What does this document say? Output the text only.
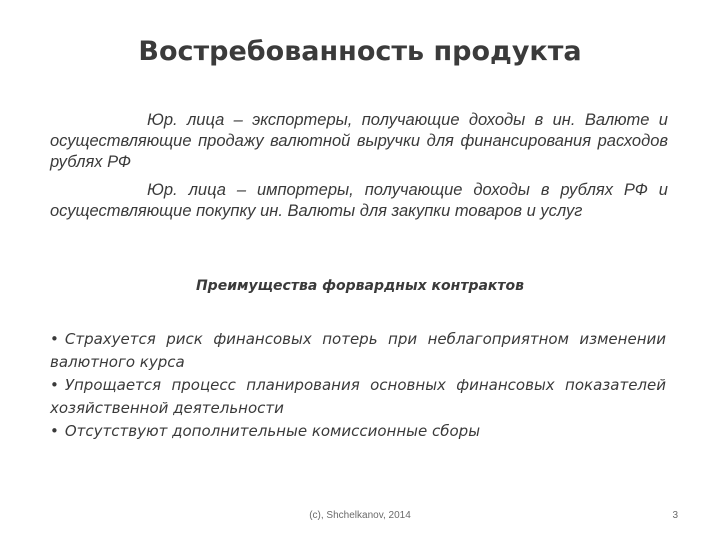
Востребованность продукта

Юр. лица – экспортеры, получающие доходы в ин. Валюте и осуществляющие продажу валютной выручки для финансирования расходов рублях РФ

Юр. лица – импортеры, получающие доходы в рублях РФ и осуществляющие покупку ин. Валюты для закупки товаров и услуг

Преимущества форвардных контрактов
• Страхуется риск финансовых потерь при неблагоприятном изменении валютного курса
• Упрощается процесс планирования основных финансовых показателей хозяйственной деятельности
• Отсутствуют дополнительные комиссионные сборы
(c), Shchelkanov, 2014	3
